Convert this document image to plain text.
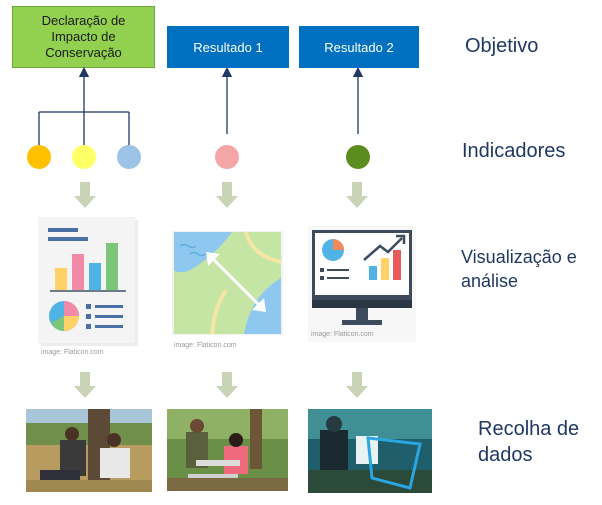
Declaração de Impacto de Conservação	Resultado 1	Resultado 2	Objetivo
Indicadores
Visualização e análise
Recolha de dados
image: Flaticon.com
image: Flaticon.com
image: Flaticon.com
